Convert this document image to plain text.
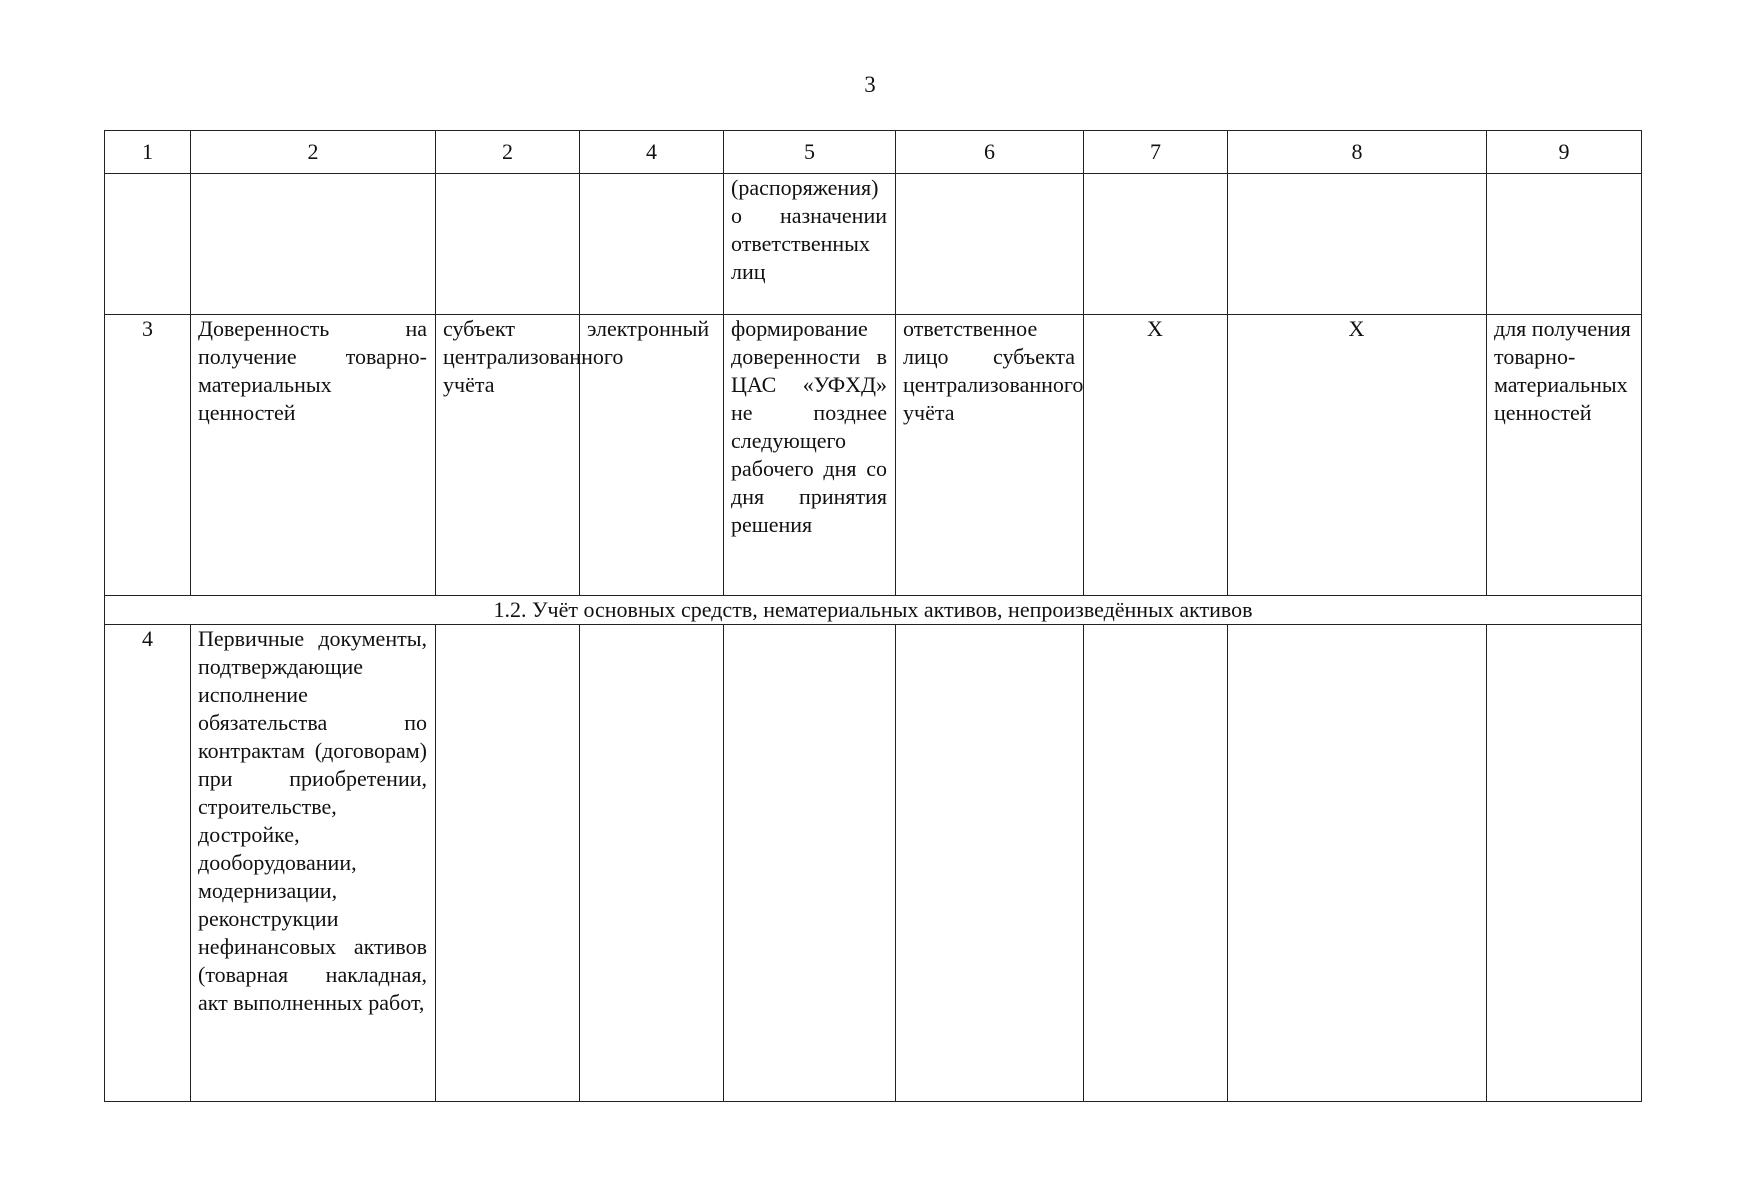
3
1	2	2	4	5	6	7	8	9
				(распоряжения) о назначении ответственных лиц				
3	Доверенность на получение товарно-материальных ценностей	субъект централизованного учёта	электронный	формирование доверенности в ЦАС «УФХД» не позднее следующего рабочего дня со дня принятия решения	ответственное лицо субъекта централизованного учёта	X	X	для получения товарно-материальных ценностей
1.2. Учёт основных средств, нематериальных активов, непроизведённых активов								
4	Первичные документы, подтверждающие исполнение обязательства по контрактам (договорам) при приобретении, строительстве, достройке, дооборудовании, модернизации, реконструкции нефинансовых активов (товарная накладная, акт выполненных работ,							
